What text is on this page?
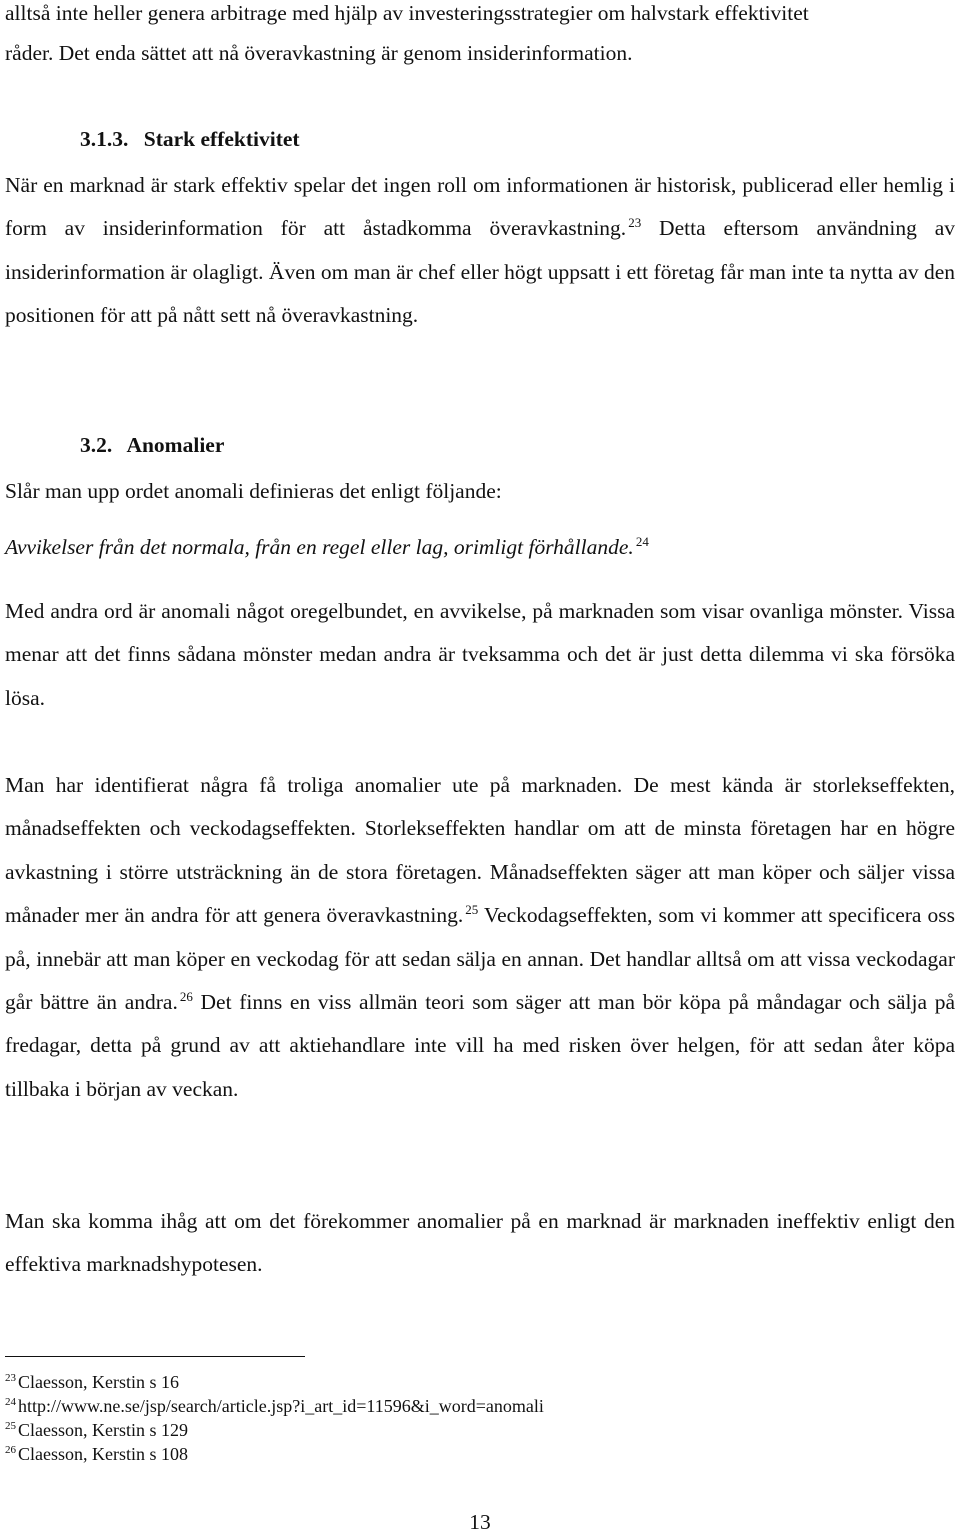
alltså inte heller genera arbitrage med hjälp av investeringsstrategier om halvstark effektivitet

råder. Det enda sättet att nå överavkastning är genom insiderinformation.

3.1.3. Stark effektivitet

När en marknad är stark effektiv spelar det ingen roll om informationen är historisk, publicerad eller hemlig i form av insiderinformation för att åstadkomma överavkastning. $^{23}$ Detta eftersom användning av insiderinformation är olagligt. Även om man är chef eller högt uppsatt i ett företag får man inte ta nytta av den positionen för att på nått sett nå överavkastning.

3.2. Anomalier

Slår man upp ordet anomali definieras det enligt följande:

Avvikelser från det normala, från en regel eller lag, orimligt förhållande. $^{24}$

Med andra ord är anomali något oregelbundet, en avvikelse, på marknaden som visar ovanliga mönster. Vissa menar att det finns sådana mönster medan andra är tveksamma och det är just detta dilemma vi ska försöka lösa.

Man har identifierat några få troliga anomalier ute på marknaden. De mest kända är storlekseffekten, månadseffekten och veckodagseffekten. Storlekseffekten handlar om att de minsta företagen har en högre avkastning i större utsträckning än de stora företagen. Månadseffekten säger att man köper och säljer vissa månader mer än andra för att genera överavkastning. $^{25}$ Veckodagseffekten, som vi kommer att specificera oss på, innebär att man köper en veckodag för att sedan sälja en annan. Det handlar alltså om att vissa veckodagar går bättre än andra. $^{26}$ Det finns en viss allmän teori som säger att man bör köpa på måndagar och sälja på fredagar, detta på grund av att aktiehandlare inte vill ha med risken över helgen, för att sedan åter köpa tillbaka i början av veckan.

Man ska komma ihåg att om det förekommer anomalier på en marknad är marknaden ineffektiv enligt den effektiva marknadshypotesen.

$^{23}$ Claesson, Kerstin s 16

$^{24}$ http://www.ne.se/jsp/search/article.jsp?i_art_id=11596&i_word=anomali

$^{25}$ Claesson, Kerstin s 129

$^{26}$ Claesson, Kerstin s 108

13
